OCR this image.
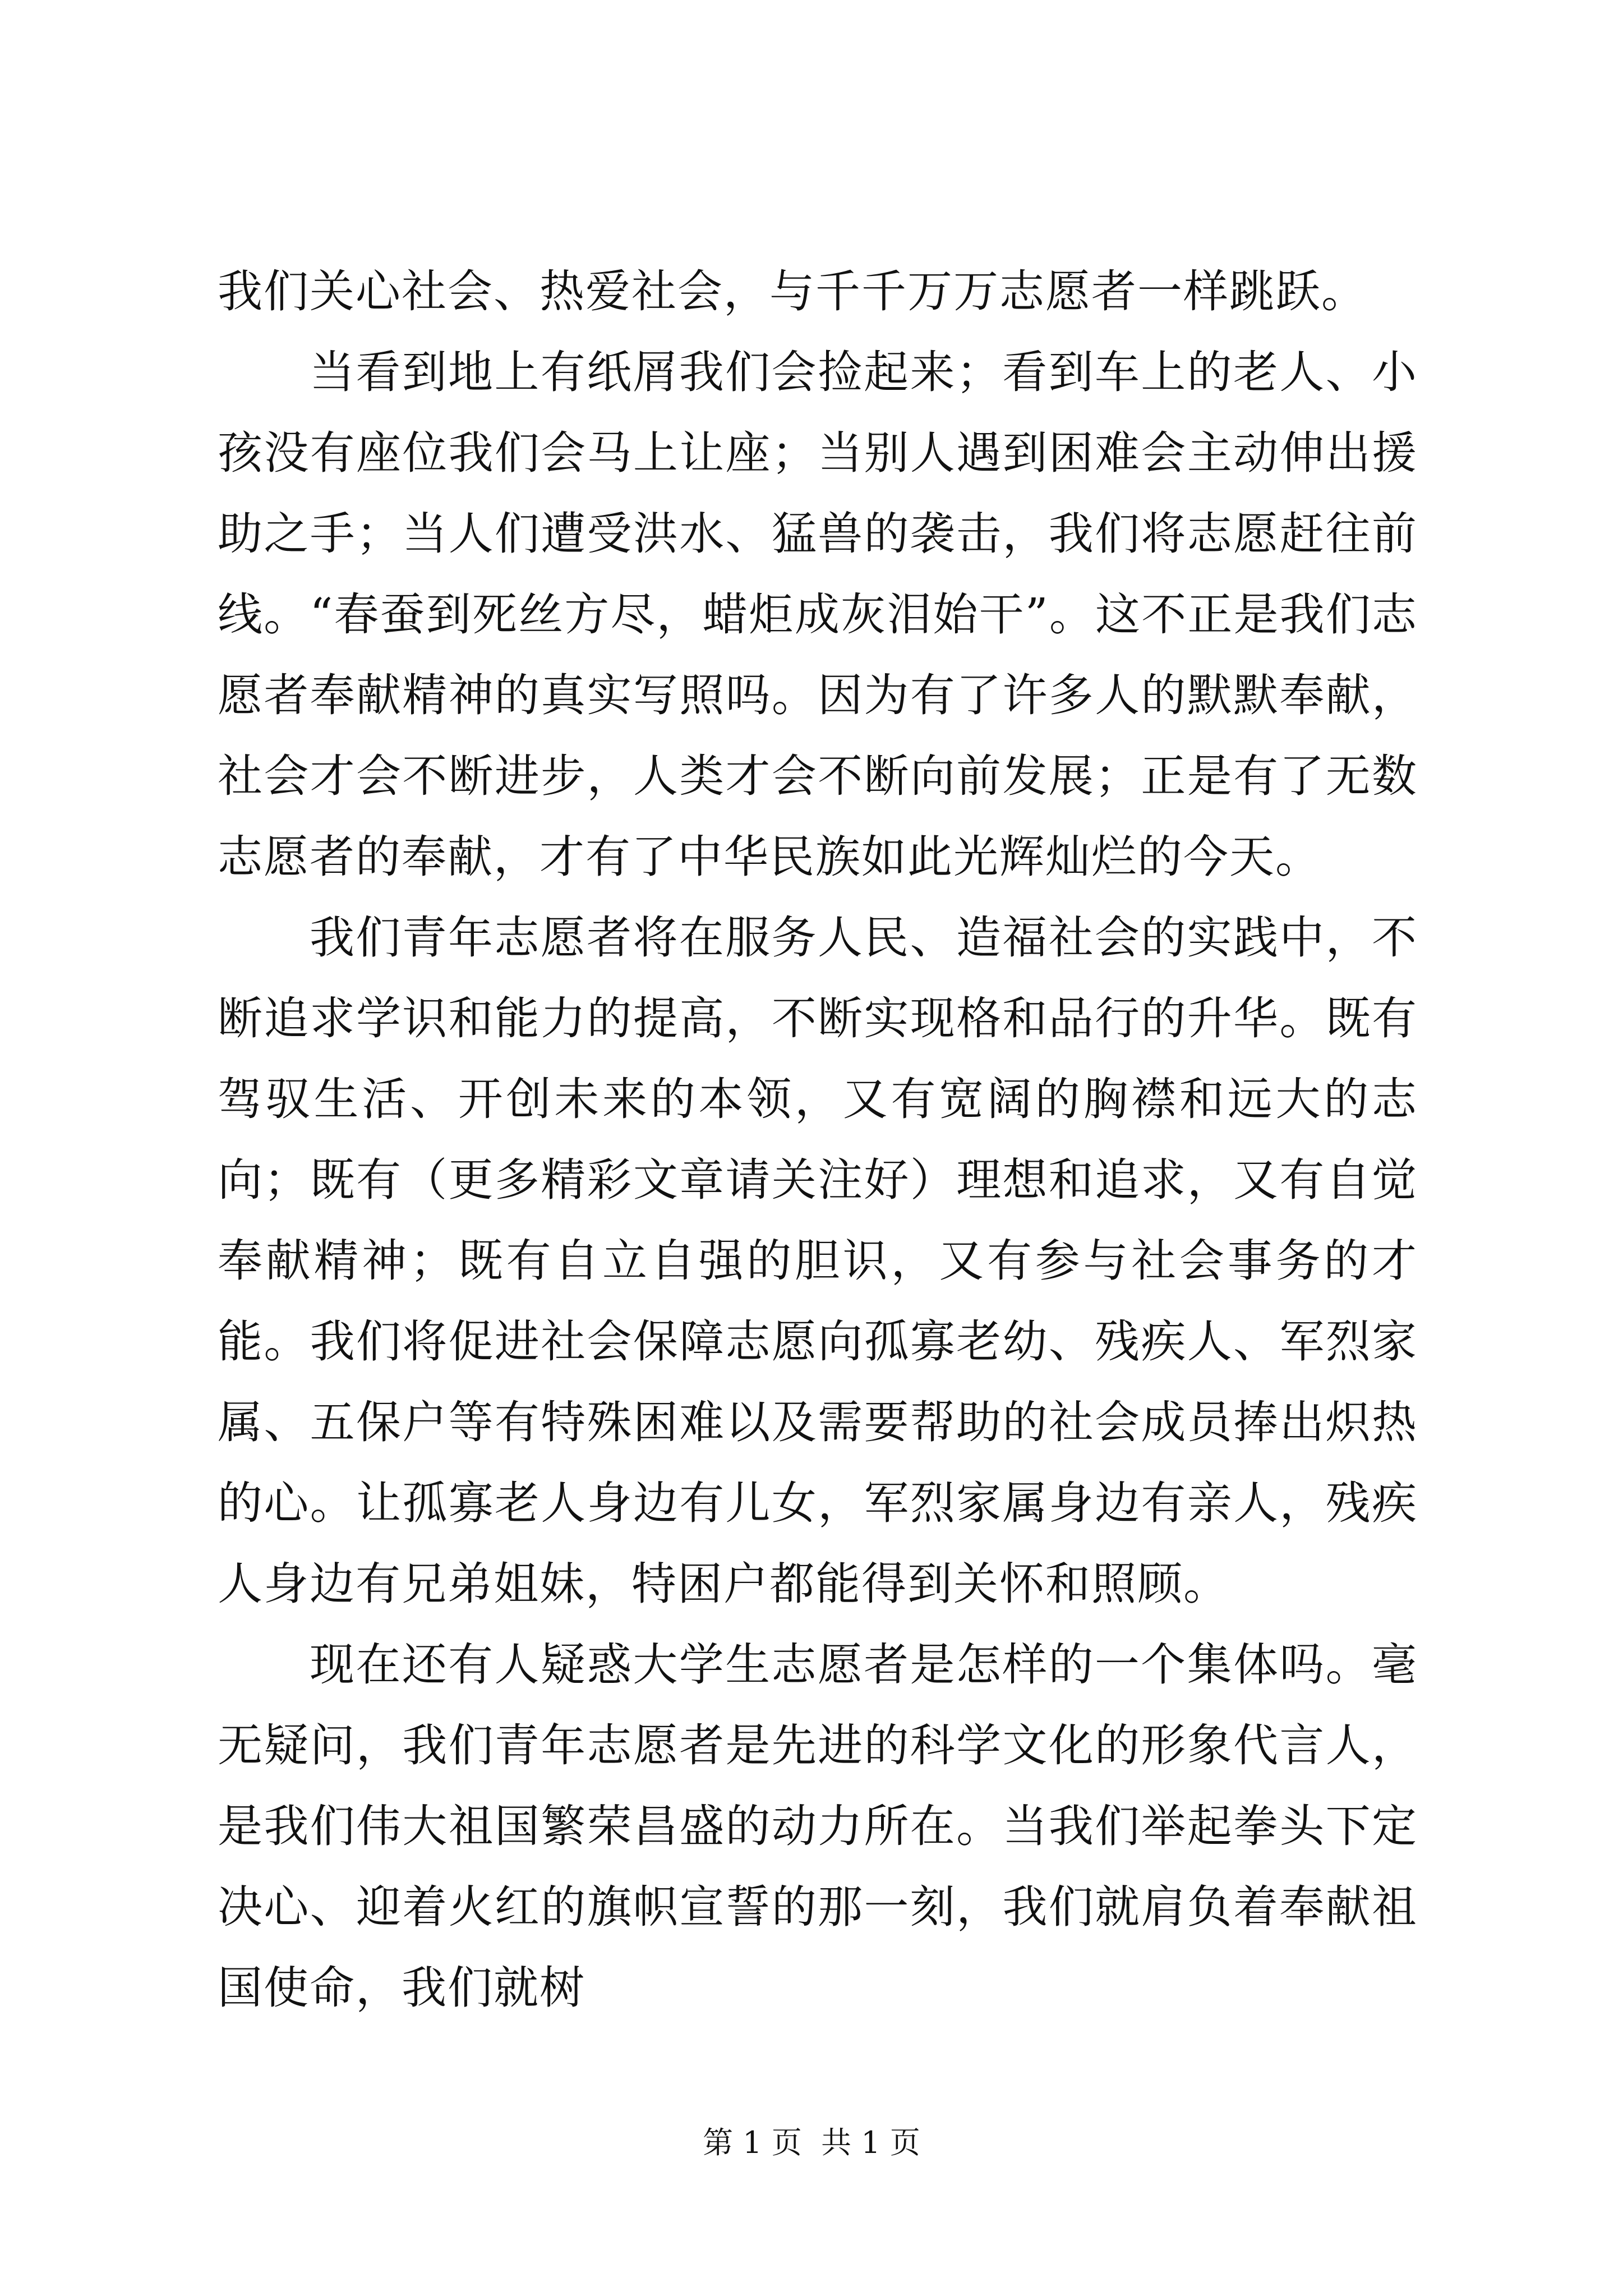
我们关心社会、热爱社会，与千千万万志愿者一样跳跃。

当看到地上有纸屑我们会捡起来；看到车上的老人、小孩没有座位我们会马上让座；当别人遇到困难会主动伸出援助之手；当人们遭受洪水、猛兽的袭击，我们将志愿赶往前线。“春蚕到死丝方尽，蜡炬成灰泪始干”。这不正是我们志愿者奉献精神的真实写照吗。因为有了许多人的默默奉献，社会才会不断进步，人类才会不断向前发展；正是有了无数志愿者的奉献，才有了中华民族如此光辉灿烂的今天。

我们青年志愿者将在服务人民、造福社会的实践中，不断追求学识和能力的提高，不断实现格和品行的升华。既有驾驭生活、开创未来的本领，又有宽阔的胸襟和远大的志向；既有（更多精彩文章请关注好）理想和追求，又有自觉奉献精神；既有自立自强的胆识，又有参与社会事务的才能。我们将促进社会保障志愿向孤寡老幼、残疾人、军烈家属、五保户等有特殊困难以及需要帮助的社会成员捧出炽热的心。让孤寡老人身边有儿女，军烈家属身边有亲人，残疾人身边有兄弟姐妹，特困户都能得到关怀和照顾。

现在还有人疑惑大学生志愿者是怎样的一个集体吗。毫无疑问，我们青年志愿者是先进的科学文化的形象代言人，是我们伟大祖国繁荣昌盛的动力所在。当我们举起拳头下定决心、迎着火红的旗帜宣誓的那一刻，我们就肩负着奉献祖国使命，我们就树

第 1 页  共 1 页
